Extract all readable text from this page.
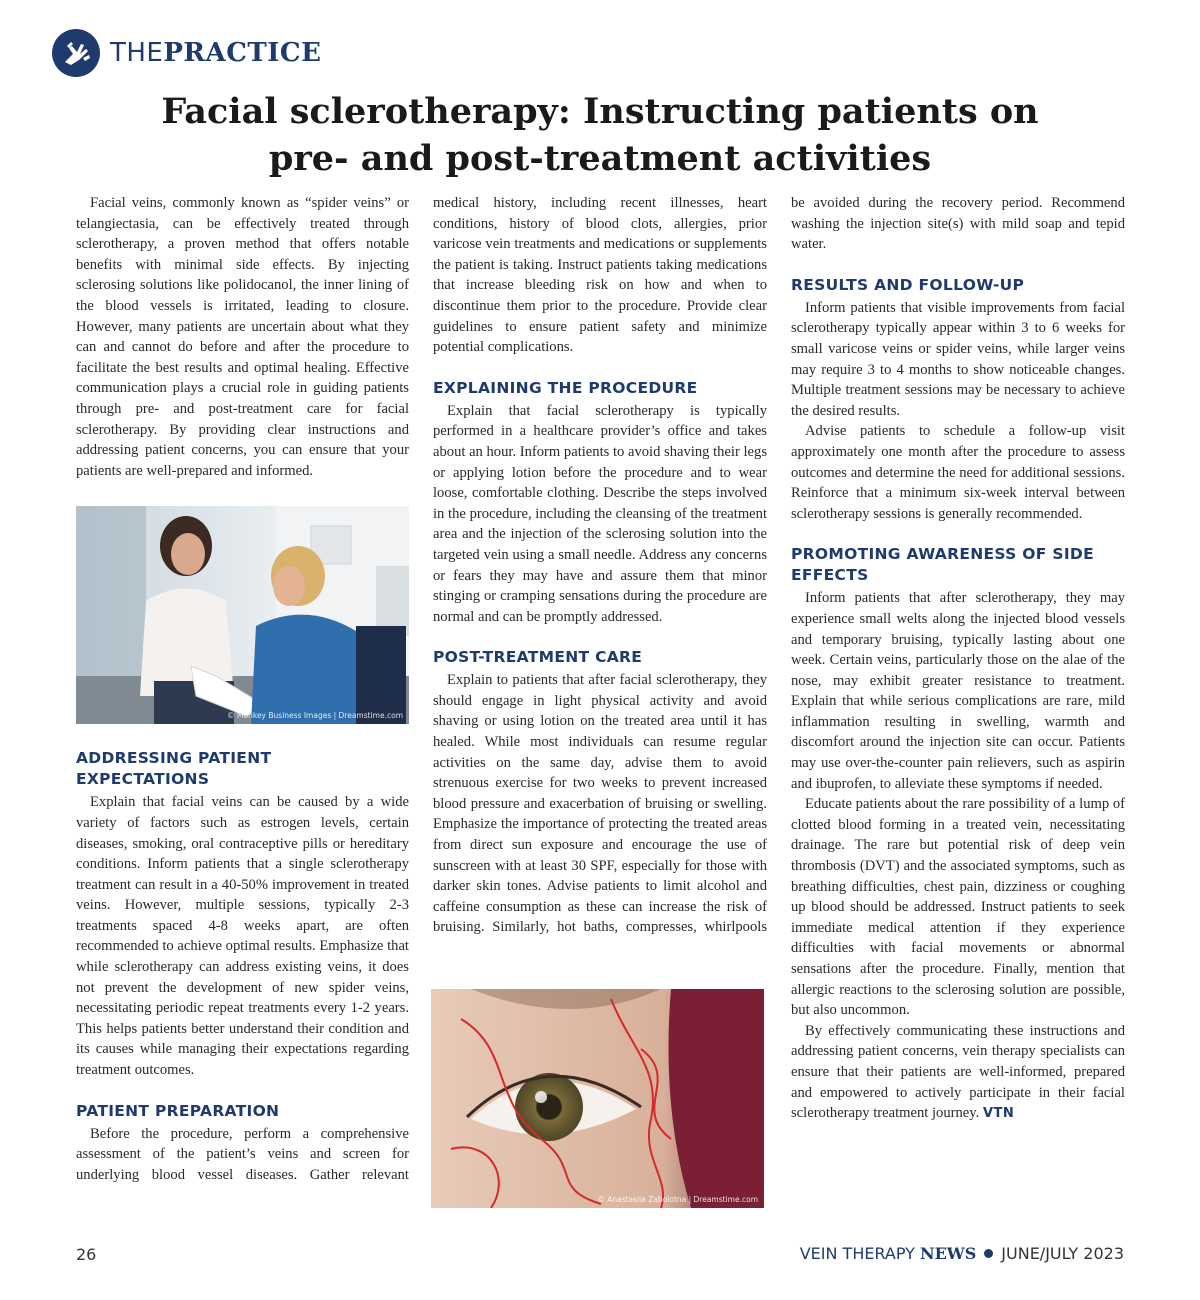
THEPRACTICE
Facial sclerotherapy: Instructing patients on
pre- and post-treatment activities

Facial veins, commonly known as “spider veins” or telangiectasia, can be effectively treated through sclerotherapy, a proven method that offers notable benefits with minimal side effects. By injecting sclerosing solutions like polidocanol, the inner lining of the blood vessels is irritated, leading to closure. However, many patients are uncertain about what they can and cannot do before and after the procedure to facilitate the best results and optimal healing. Effective communication plays a crucial role in guiding patients through pre- and post-treatment care for facial sclerotherapy. By providing clear instructions and addressing patient concerns, you can ensure that your patients are well-prepared and informed.

© Monkey Business Images | Dreamstime.com
ADDRESSING PATIENT EXPECTATIONS

Explain that facial veins can be caused by a wide variety of factors such as estrogen levels, certain diseases, smoking, oral contraceptive pills or hereditary conditions. Inform patients that a single sclerotherapy treatment can result in a 40-50% improvement in treated veins. However, multiple sessions, typically 2-3 treatments spaced 4-8 weeks apart, are often recommended to achieve optimal results. Emphasize that while sclerotherapy can address existing veins, it does not prevent the development of new spider veins, necessitating periodic repeat treatments every 1-2 years. This helps patients better understand their condition and its causes while managing their expectations regarding treatment outcomes.

PATIENT PREPARATION

Before the procedure, perform a comprehensive assessment of the patient’s veins and screen for underlying blood vessel diseases. Gather relevant

medical history, including recent illnesses, heart conditions, history of blood clots, allergies, prior varicose vein treatments and medications or supplements the patient is taking. Instruct patients taking medications that increase bleeding risk on how and when to discontinue them prior to the procedure. Provide clear guidelines to ensure patient safety and minimize potential complications.

EXPLAINING THE PROCEDURE

Explain that facial sclerotherapy is typically performed in a healthcare provider’s office and takes about an hour. Inform patients to avoid shaving their legs or applying lotion before the procedure and to wear loose, comfortable clothing. Describe the steps involved in the procedure, including the cleansing of the treatment area and the injection of the sclerosing solution into the targeted vein using a small needle. Address any concerns or fears they may have and assure them that minor stinging or cramping sensations during the procedure are normal and can be promptly addressed.

POST-TREATMENT CARE

Explain to patients that after facial sclerotherapy, they should engage in light physical activity and avoid shaving or using lotion on the treated area until it has healed. While most individuals can resume regular activities on the same day, advise them to avoid strenuous exercise for two weeks to prevent increased blood pressure and exacerbation of bruising or swelling. Emphasize the importance of protecting the treated areas from direct sun exposure and encourage the use of sunscreen with at least 30 SPF, especially for those with darker skin tones. Advise patients to limit alcohol and caffeine consumption as these can increase the risk of bruising. Similarly, hot baths, compresses, whirlpools

© Anastasiia Zabolotna | Dreamstime.com

be avoided during the recovery period. Recommend washing the injection site(s) with mild soap and tepid water.

RESULTS AND FOLLOW-UP

Inform patients that visible improvements from facial sclerotherapy typically appear within 3 to 6 weeks for small varicose veins or spider veins, while larger veins may require 3 to 4 months to show noticeable changes. Multiple treatment sessions may be necessary to achieve the desired results.

Advise patients to schedule a follow-up visit approximately one month after the procedure to assess outcomes and determine the need for additional sessions. Reinforce that a minimum six-week interval between sclerotherapy sessions is generally recommended.

PROMOTING AWARENESS OF SIDE EFFECTS

Inform patients that after sclerotherapy, they may experience small welts along the injected blood vessels and temporary bruising, typically lasting about one week. Certain veins, particularly those on the alae of the nose, may exhibit greater resistance to treatment. Explain that while serious complications are rare, mild inflammation resulting in swelling, warmth and discomfort around the injection site can occur. Patients may use over-the-counter pain relievers, such as aspirin and ibuprofen, to alleviate these symptoms if needed.

Educate patients about the rare possibility of a lump of clotted blood forming in a treated vein, necessitating drainage. The rare but potential risk of deep vein thrombosis (DVT) and the associated symptoms, such as breathing difficulties, chest pain, dizziness or coughing up blood should be addressed. Instruct patients to seek immediate medical attention if they experience difficulties with facial movements or abnormal sensations after the procedure. Finally, mention that allergic reactions to the sclerosing solution are possible, but also uncommon.

By effectively communicating these instructions and addressing patient concerns, vein therapy specialists can ensure that their patients are well-informed, prepared and empowered to actively participate in their facial sclerotherapy treatment journey. VTN

26	VEIN THERAPY NEWS JUNE/JULY 2023
